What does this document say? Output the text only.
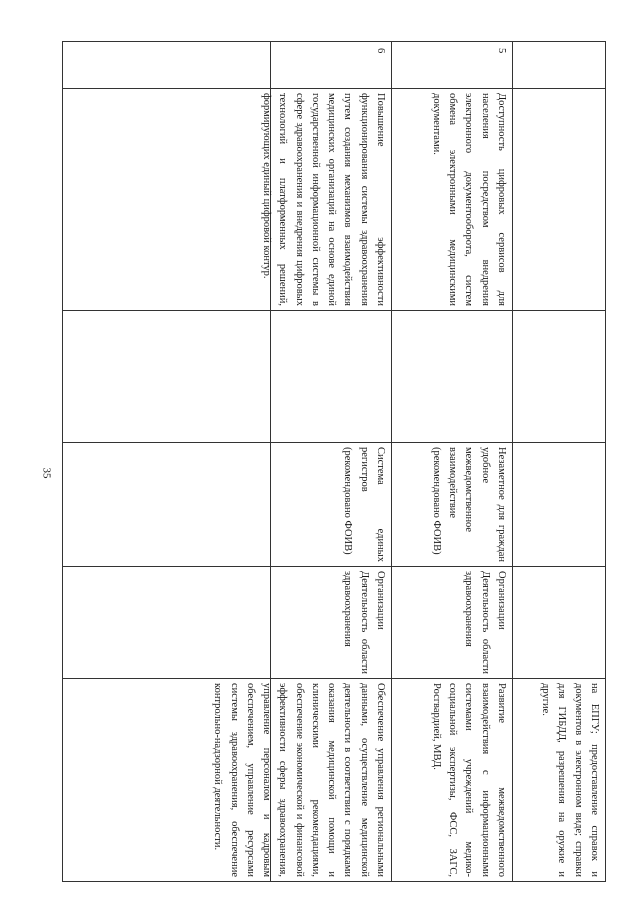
35
на ЕПГУ; предоставление справок и документов в электронном виде; справки для ГИБДД, разрешения на оружие и другие.
5
Доступность цифровых сервисов для населения посредством внедрения электронного документооборота, систем обмена электронными медицинскими документами.
Незаметное для граждан удобное межведомственное взаимодействие (рекомендовано ФОИВ)
Организации Деятельность области здравоохранения
Развитие межведомственного взаимодействия с информационными системами учреждений медико-социальной экспертизы, ФСС, ЗАГС, Росгвардией, МВД.
6
Повышение эффективности функционирования системы здравоохранения путем создания механизмов взаимодействия медицинских организаций на основе единой государственной информационной системы в сфере здравоохранения и внедрения цифровых технологий и платформенных решений, формирующих единый цифровой контур.
Система единых регистров (рекомендовано ФОИВ)
Организации Деятельность области здравоохранения
Обеспечение управления региональными данными, осуществление медицинской деятельности в соответствии с порядками оказания медицинской помощи и клиническими рекомендациями, обеспечение экономической и финансовой эффективности сферы здравоохранения, управление персоналом и кадровым обеспечением, управление ресурсами системы здравоохранения, обеспечение контрольно-надзорной деятельности.
